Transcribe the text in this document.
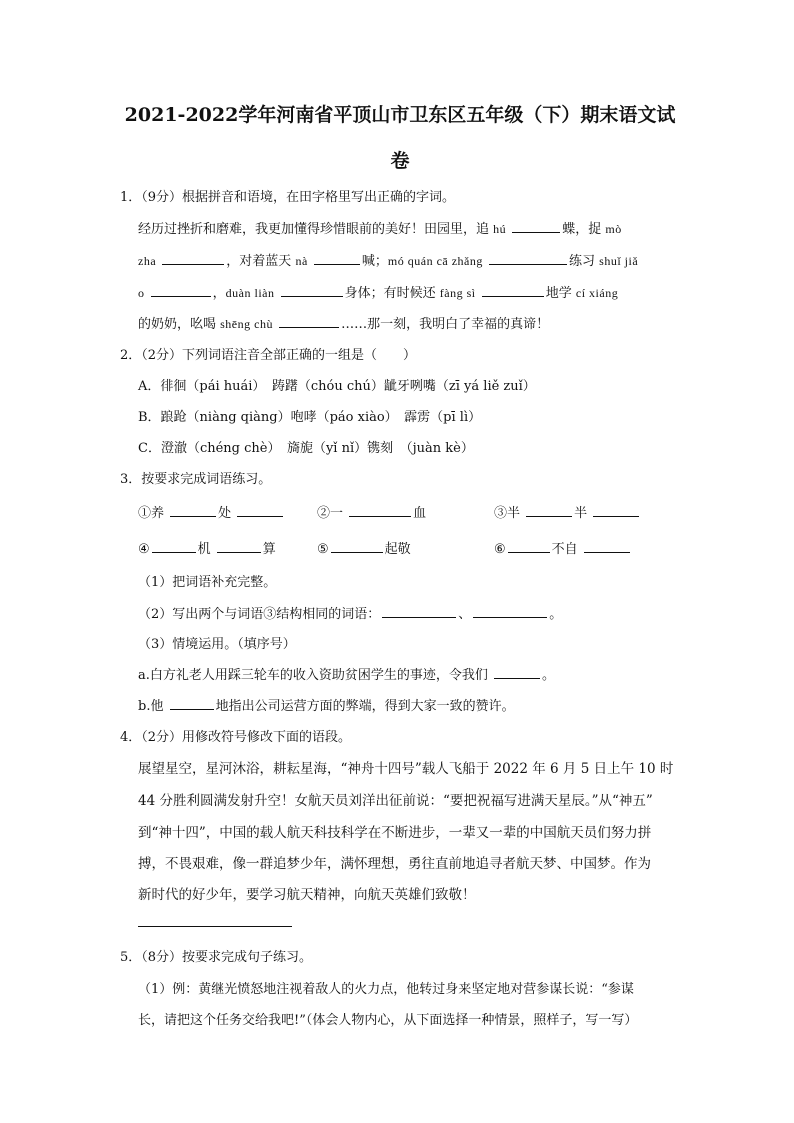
2021-2022学年河南省平顶山市卫东区五年级（下）期末语文试
卷
1．（9分）根据拼音和语境，在田字格里写出正确的字词。
经历过挫折和磨难，我更加懂得珍惜眼前的美好！田园里，追 hú	蝶，捉 mò
zha	，对着蓝天 nà	喊；mó quán cā zhǎng	练习 shuǐ jiǎ
o	，duàn liàn	身体；有时候还 fàng sì	地学 cí xiáng
的奶奶，吆喝 shēng chù	……那一刻，我明白了幸福的真谛！
2．（2分）下列词语注音全部正确的一组是（　　）
A．徘徊（pái huái）　踌躇（chóu chú）龇牙咧嘴（zī yá liě zuǐ）
B．踉跄（niàng qiàng）咆哮（páo xiào）　霹雳（pī lì）
C．澄澈（chéng chè）　旖旎（yǐ nǐ）镌刻　（juàn kè）
3．按要求完成词语练习。
①养	处	②一	血	③半	半
④	机	算	⑤	起敬	⑥	不自
（1）把词语补充完整。
（2）写出两个与词语③结构相同的词语：	、	。
（3）情境运用。（填序号）
a.白方礼老人用踩三轮车的收入资助贫困学生的事迹，令我们	。
b.他	地指出公司运营方面的弊端，得到大家一致的赞许。
4．（2分）用修改符号修改下面的语段。
展望星空，星河沐浴，耕耘星海，“神舟十四号”载人飞船于 2022 年 6 月 5 日上午 10 时
44 分胜利圆满发射升空！女航天员刘洋出征前说：“要把祝福写进满天星辰。”从“神五”
到“神十四”，中国的载人航天科技科学在不断进步，一辈又一辈的中国航天员们努力拼
搏，不畏艰难，像一群追梦少年，满怀理想，勇往直前地追寻者航天梦、中国梦。作为
新时代的好少年，要学习航天精神，向航天英雄们致敬！
5．（8分）按要求完成句子练习。
（1）例：黄继光愤怒地注视着敌人的火力点，他转过身来坚定地对营参谋长说：“参谋
长，请把这个任务交给我吧!”（体会人物内心，从下面选择一种情景，照样子，写一写）
